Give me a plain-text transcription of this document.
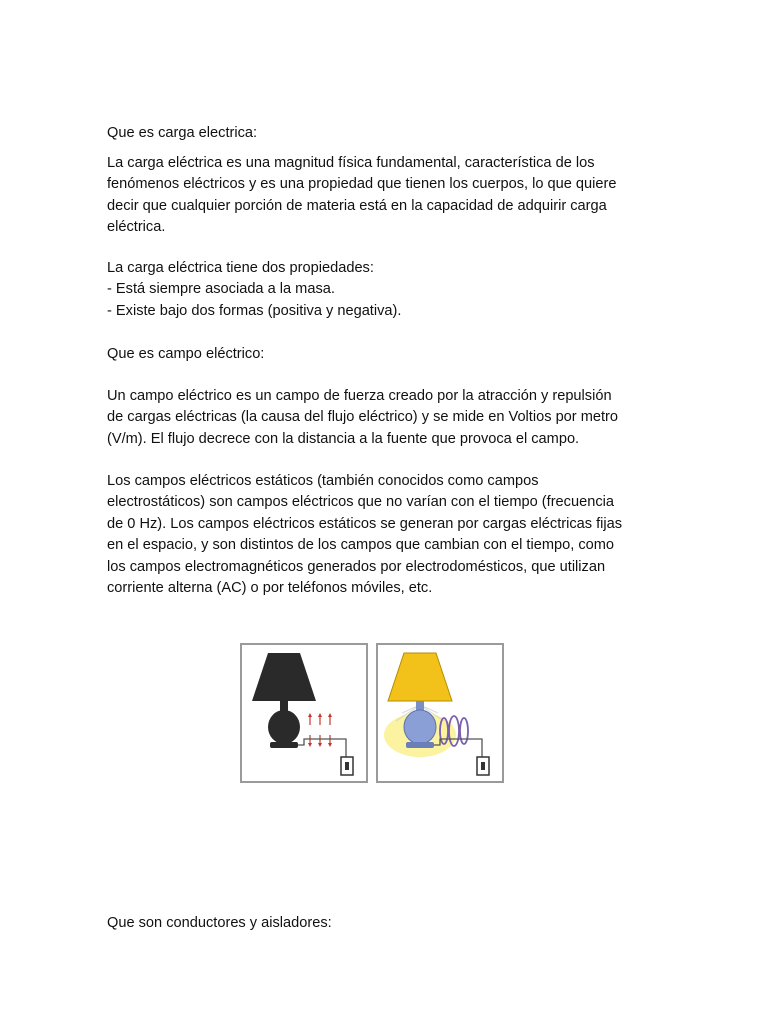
Que es carga electrica:

La carga eléctrica es una magnitud física fundamental, característica de los
fenómenos eléctricos y es una propiedad que tienen los cuerpos, lo que quiere
decir que cualquier porción de materia está en la capacidad de adquirir carga
eléctrica.

La carga eléctrica tiene dos propiedades:
- Está siempre asociada a la masa.
- Existe bajo dos formas (positiva y negativa).

Que es campo eléctrico:

Un campo eléctrico es un campo de fuerza creado por la atracción y repulsión
de cargas eléctricas (la causa del flujo eléctrico) y se mide en Voltios por metro
(V/m). El flujo decrece con la distancia a la fuente que provoca el campo.

Los campos eléctricos estáticos (también conocidos como campos
electrostáticos) son campos eléctricos que no varían con el tiempo (frecuencia
de 0 Hz). Los campos eléctricos estáticos se generan por cargas eléctricas fijas
en el espacio, y son distintos de los campos que cambian con el tiempo, como
los campos electromagnéticos generados por electrodomésticos, que utilizan
corriente alterna (AC) o por teléfonos móviles, etc.

Que son conductores y aisladores:
